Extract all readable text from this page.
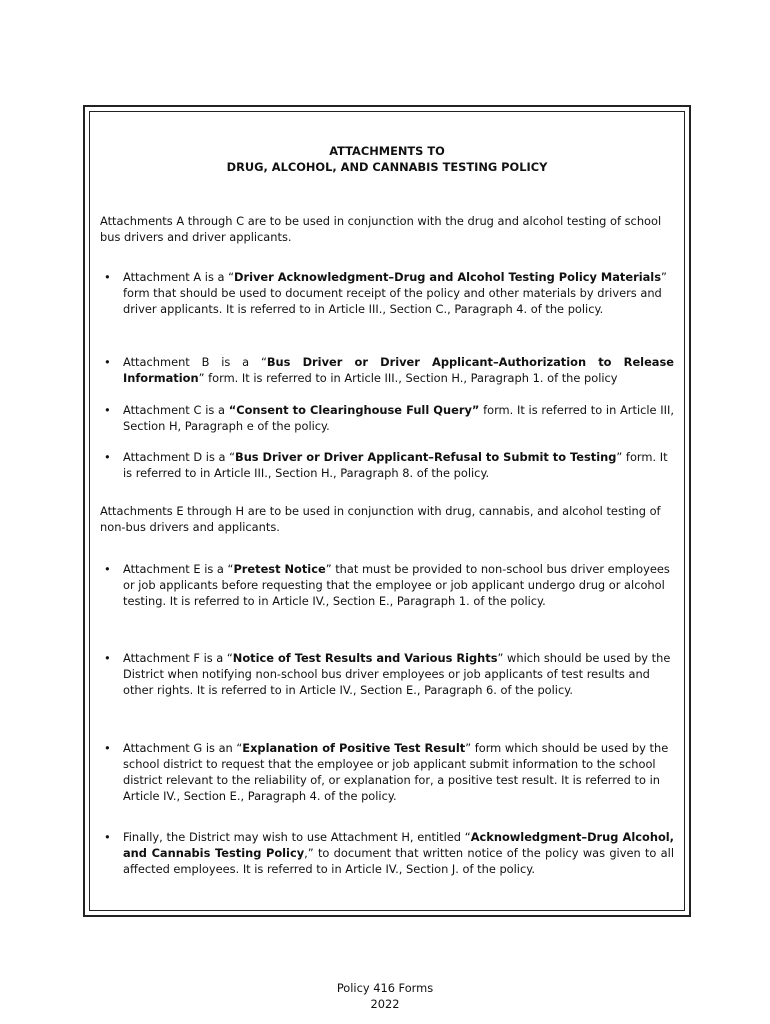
ATTACHMENTS TO
DRUG, ALCOHOL, AND CANNABIS TESTING POLICY
Attachments A through C are to be used in conjunction with the drug and alcohol testing of school bus drivers and driver applicants.
• Attachment A is a “Driver Acknowledgment–Drug and Alcohol Testing Policy Materials” form that should be used to document receipt of the policy and other materials by drivers and driver applicants. It is referred to in Article III., Section C., Paragraph 4. of the policy.
• Attachment B is a “Bus Driver or Driver Applicant–Authorization to Release Information” form. It is referred to in Article III., Section H., Paragraph 1. of the policy
• Attachment C is a “Consent to Clearinghouse Full Query” form. It is referred to in Article III, Section H, Paragraph e of the policy.
• Attachment D is a “Bus Driver or Driver Applicant–Refusal to Submit to Testing” form. It is referred to in Article III., Section H., Paragraph 8. of the policy.
Attachments E through H are to be used in conjunction with drug, cannabis, and alcohol testing of non-bus drivers and applicants.
• Attachment E is a “Pretest Notice” that must be provided to non-school bus driver employees or job applicants before requesting that the employee or job applicant undergo drug or alcohol testing. It is referred to in Article IV., Section E., Paragraph 1. of the policy.
• Attachment F is a “Notice of Test Results and Various Rights” which should be used by the District when notifying non-school bus driver employees or job applicants of test results and other rights. It is referred to in Article IV., Section E., Paragraph 6. of the policy.
• Attachment G is an “Explanation of Positive Test Result” form which should be used by the school district to request that the employee or job applicant submit information to the school district relevant to the reliability of, or explanation for, a positive test result. It is referred to in Article IV., Section E., Paragraph 4. of the policy.
• Finally, the District may wish to use Attachment H, entitled “Acknowledgment–Drug Alcohol, and Cannabis Testing Policy,” to document that written notice of the policy was given to all affected employees. It is referred to in Article IV., Section J. of the policy.
Policy 416 Forms
2022
